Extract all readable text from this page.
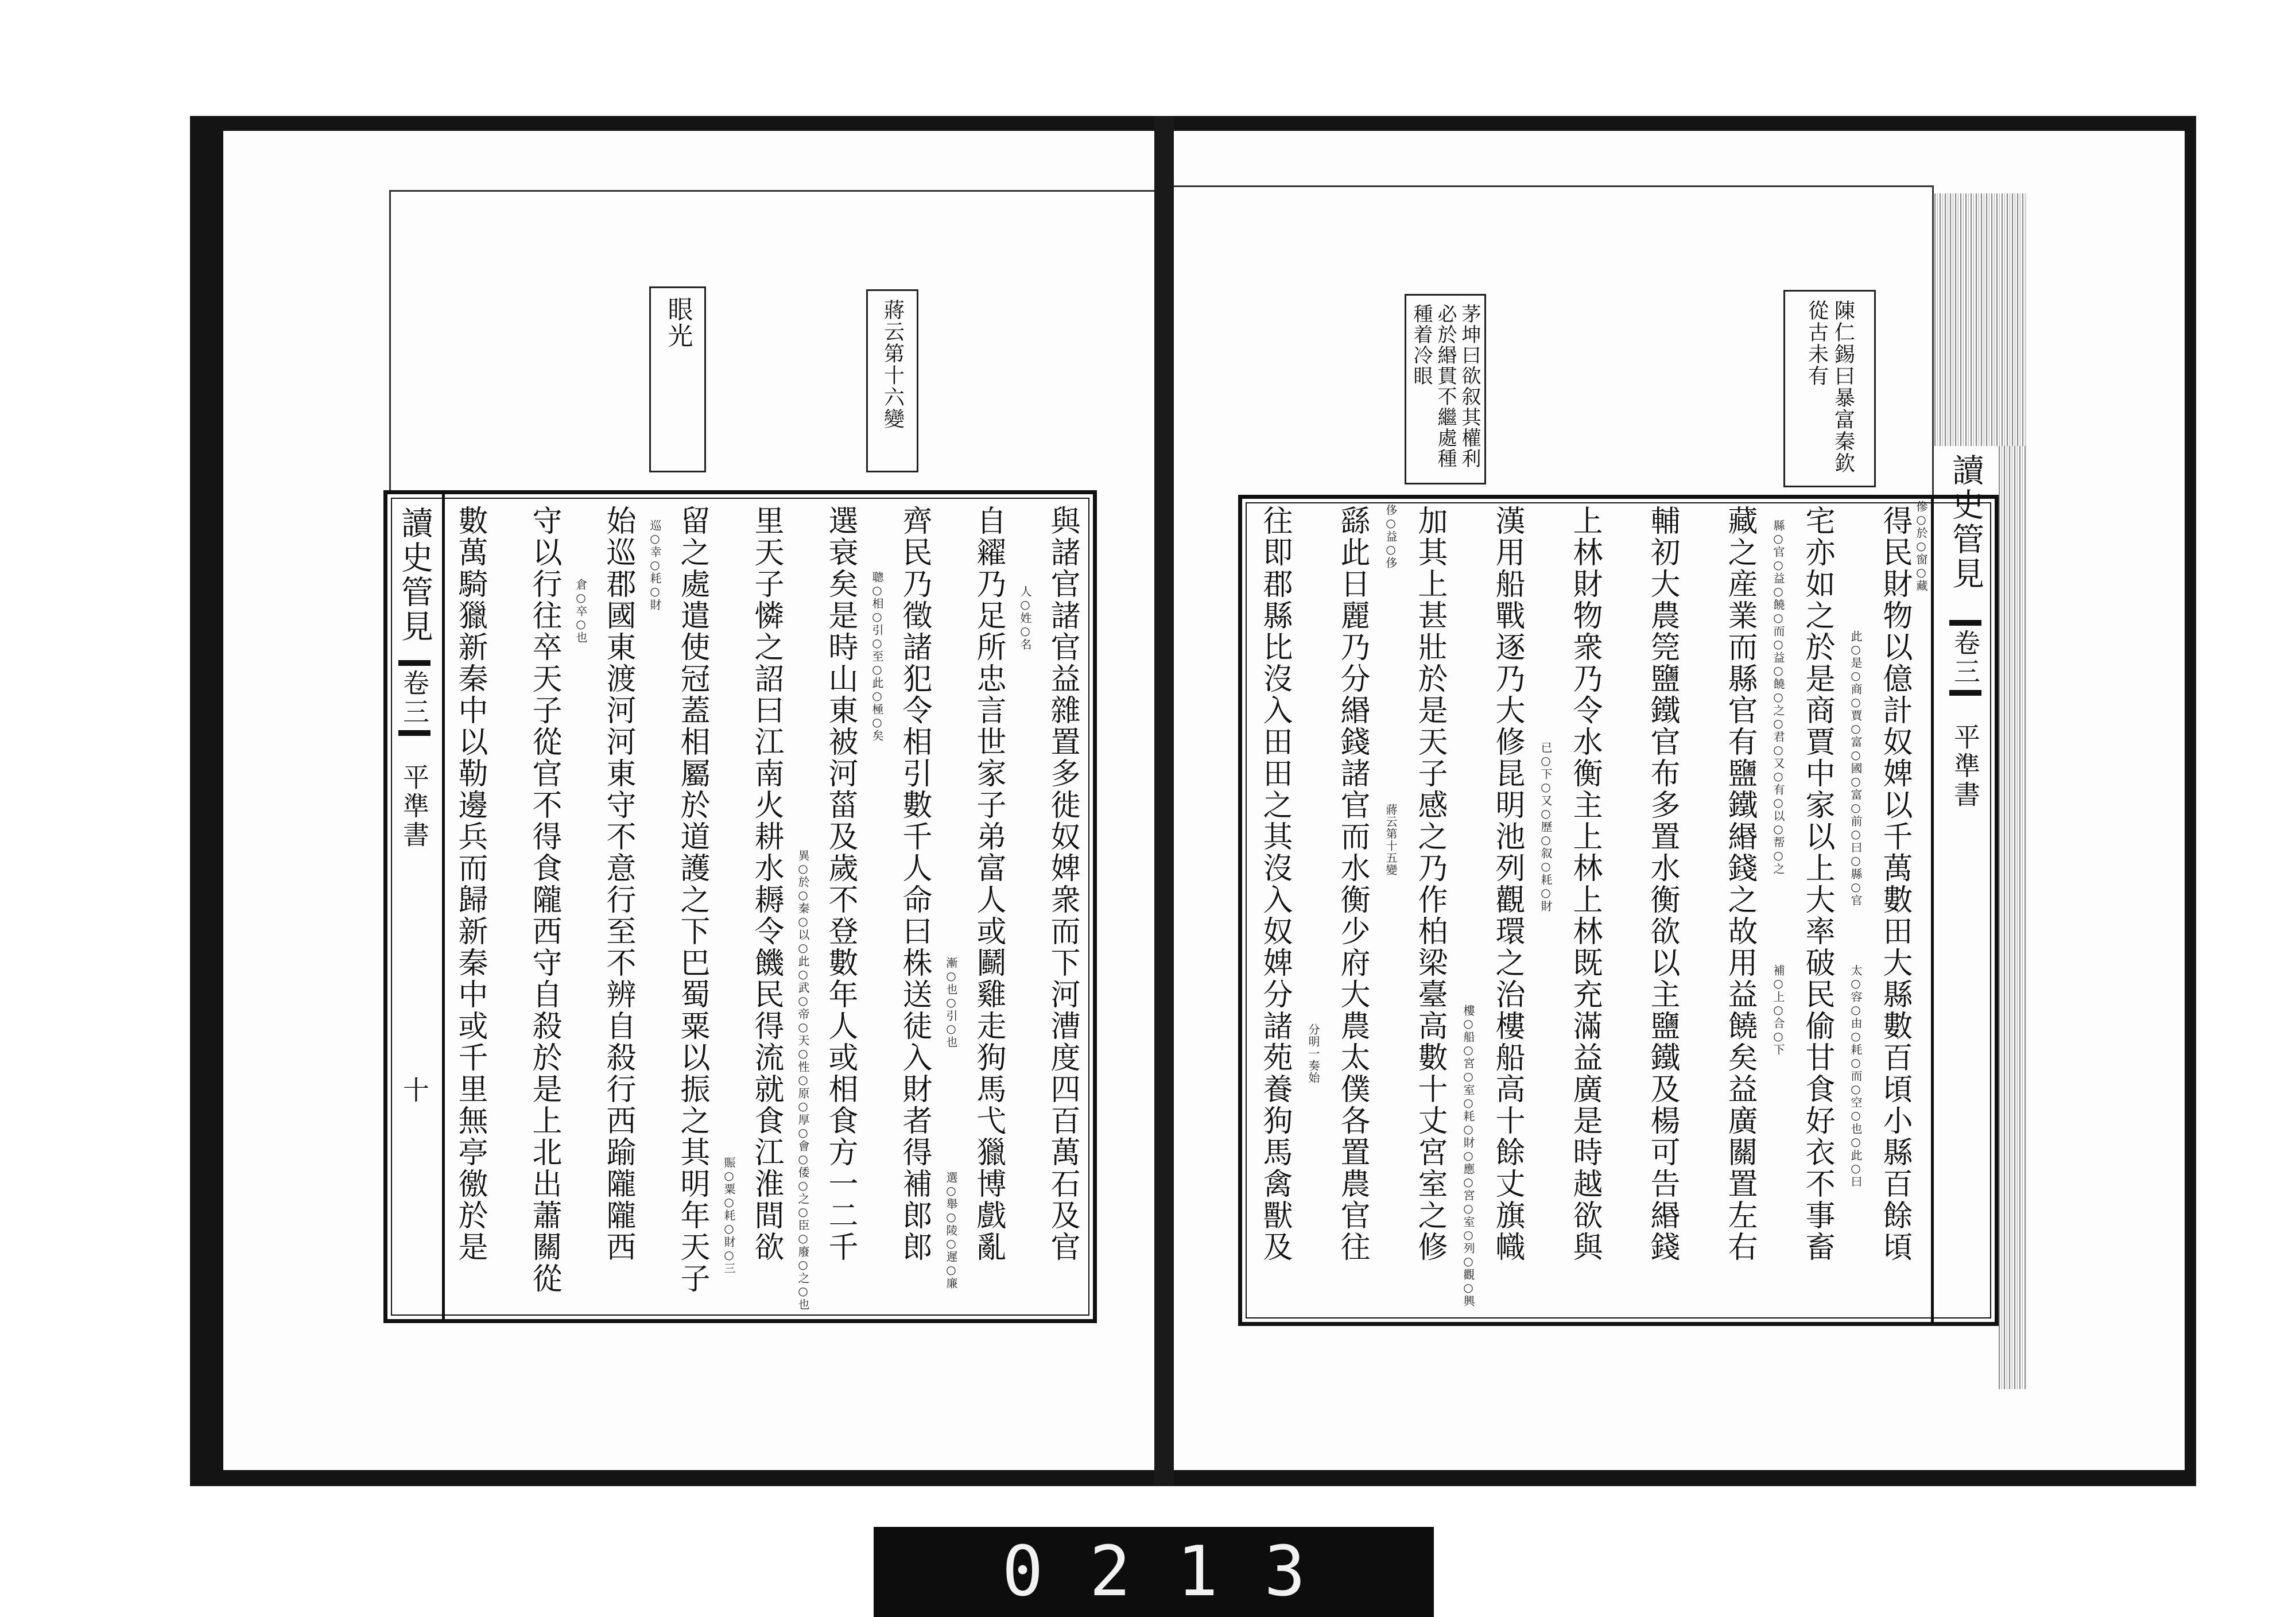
蔣云第十六變
眼光
讀史管見
卷三
平準書
十	與諸官諸官益雜置多徙奴婢衆而下河漕度四百萬石及官
自糴乃足所忠言世家子弟富人或鬬雞走狗馬弋獵博戲亂
齊民乃徵諸犯令相引數千人命曰株送徒入財者得補郎郎
選衰矣是時山東被河菑及歲不登數年人或相食方一二千
里天子憐之詔曰江南火耕水耨令饑民得流就食江淮間欲
留之處遣使冠蓋相屬於道護之下巴蜀粟以振之其明年天子
始巡郡國東渡河河東守不意行至不辨自殺行西踰隴隴西
守以行往卒天子從官不得食隴西守自殺於是上北出蕭關從
數萬騎獵新秦中以勒邊兵而歸新秦中或千里無亭徼於是	人○姓○名
聰○相○引○至○此○極○矣
漸○也○引○也
選○舉○陵○遲○廉
異○於○秦○以○此○武○帝○天○性○原○厚○會○倭○之○臣○廢○之○也
巡○幸○耗○財
賑○粟○耗○財○三
倉○卒○也
陳仁錫曰暴富秦欽
從古未有
茅坤曰欲叙其權利
必於緡貫不繼處種
種着冷眼
讀史管見
卷三
平準書
得民財物以億計奴婢以千萬數田大縣數百頃小縣百餘頃
宅亦如之於是商賈中家以上大率破民偷甘食好衣不事畜
藏之産業而縣官有鹽鐵緡錢之故用益饒矣益廣關置左右
輔初大農筦鹽鐵官布多置水衡欲以主鹽鐵及楊可告緡錢
上林財物衆乃令水衡主上林上林既充滿益廣是時越欲與
漢用船戰逐乃大修昆明池列觀環之治樓船高十餘丈旗幟
加其上甚壯於是天子感之乃作柏梁臺高數十丈宮室之修
繇此日麗乃分緡錢諸官而水衡少府大農太僕各置農官往
往即郡縣比沒入田田之其沒入奴婢分諸苑養狗馬禽獸及	傪○於○窗○藏
此○是○商○賈○富○國○富○前○曰○縣○官
太○容○由○耗○而○空○也○此○曰
縣○官○益○饒○而○益○饒○之○君○又○有○以○帮○之
補○上○合○下
已○下○又○歷○叙○耗○財
樓○船○宮○室○耗○財○應○宮○室○列○觀○興
侈○益○侈
蔣云第十五變
分明一奏始
0213
